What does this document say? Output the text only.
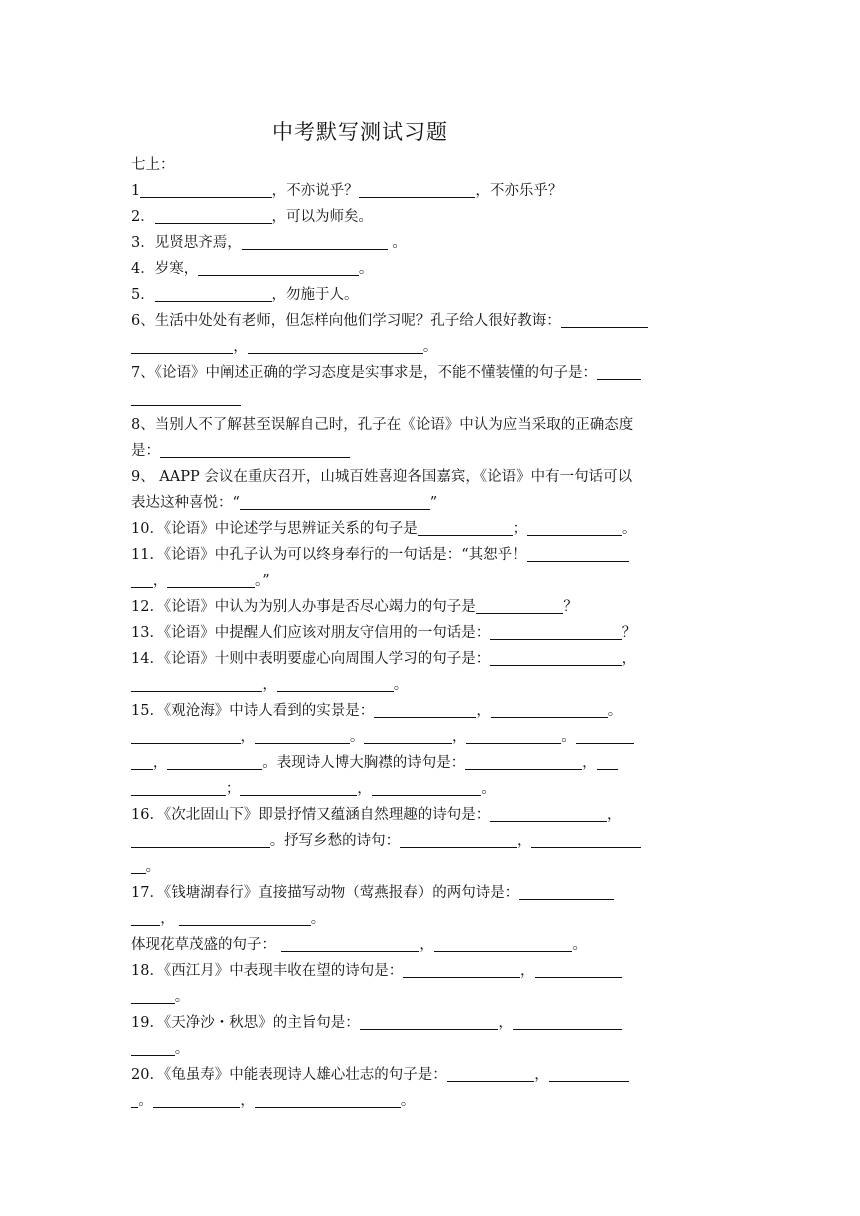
中考默写测试习题
七上：
1	，不亦说乎？	，不亦乐乎？
2．	，可以为师矣。
3．见贤思齐焉，	。
4．岁寒，	。
5．	，勿施于人。
6、生活中处处有老师，但怎样向他们学习呢？孔子给人很好教诲：
，	。
7、《论语》中阐述正确的学习态度是实事求是，不能不懂装懂的句子是：
8、当别人不了解甚至误解自己时，孔子在《论语》中认为应当采取的正确态度
是：
9、 AAPP 会议在重庆召开，山城百姓喜迎各国嘉宾，《论语》中有一句话可以
表达这种喜悦：“	”
10．《论语》中论述学与思辨证关系的句子是	；	。
11．《论语》中孔子认为可以终身奉行的一句话是：“其恕乎！
，	。”
12．《论语》中认为为别人办事是否尽心竭力的句子是	？
13．《论语》中提醒人们应该对朋友守信用的一句话是：	？
14．《论语》十则中表明要虚心向周围人学习的句子是：	，
，	。
15．《观沧海》中诗人看到的实景是：	，	。
，	。	，	。
，	。表现诗人博大胸襟的诗句是：	，
；	，	。
16．《次北固山下》即景抒情又蕴涵自然理趣的诗句是：	，
。抒写乡愁的诗句：	，
。
17．《钱塘湖春行》直接描写动物（莺燕报春）的两句诗是：
，	。
体现花草茂盛的句子：	，	。
18．《西江月》中表现丰收在望的诗句是：	，
。
19．《天净沙・秋思》的主旨句是：	，
。
20．《龟虽寿》中能表现诗人雄心壮志的句子是：	，
。	，	。
